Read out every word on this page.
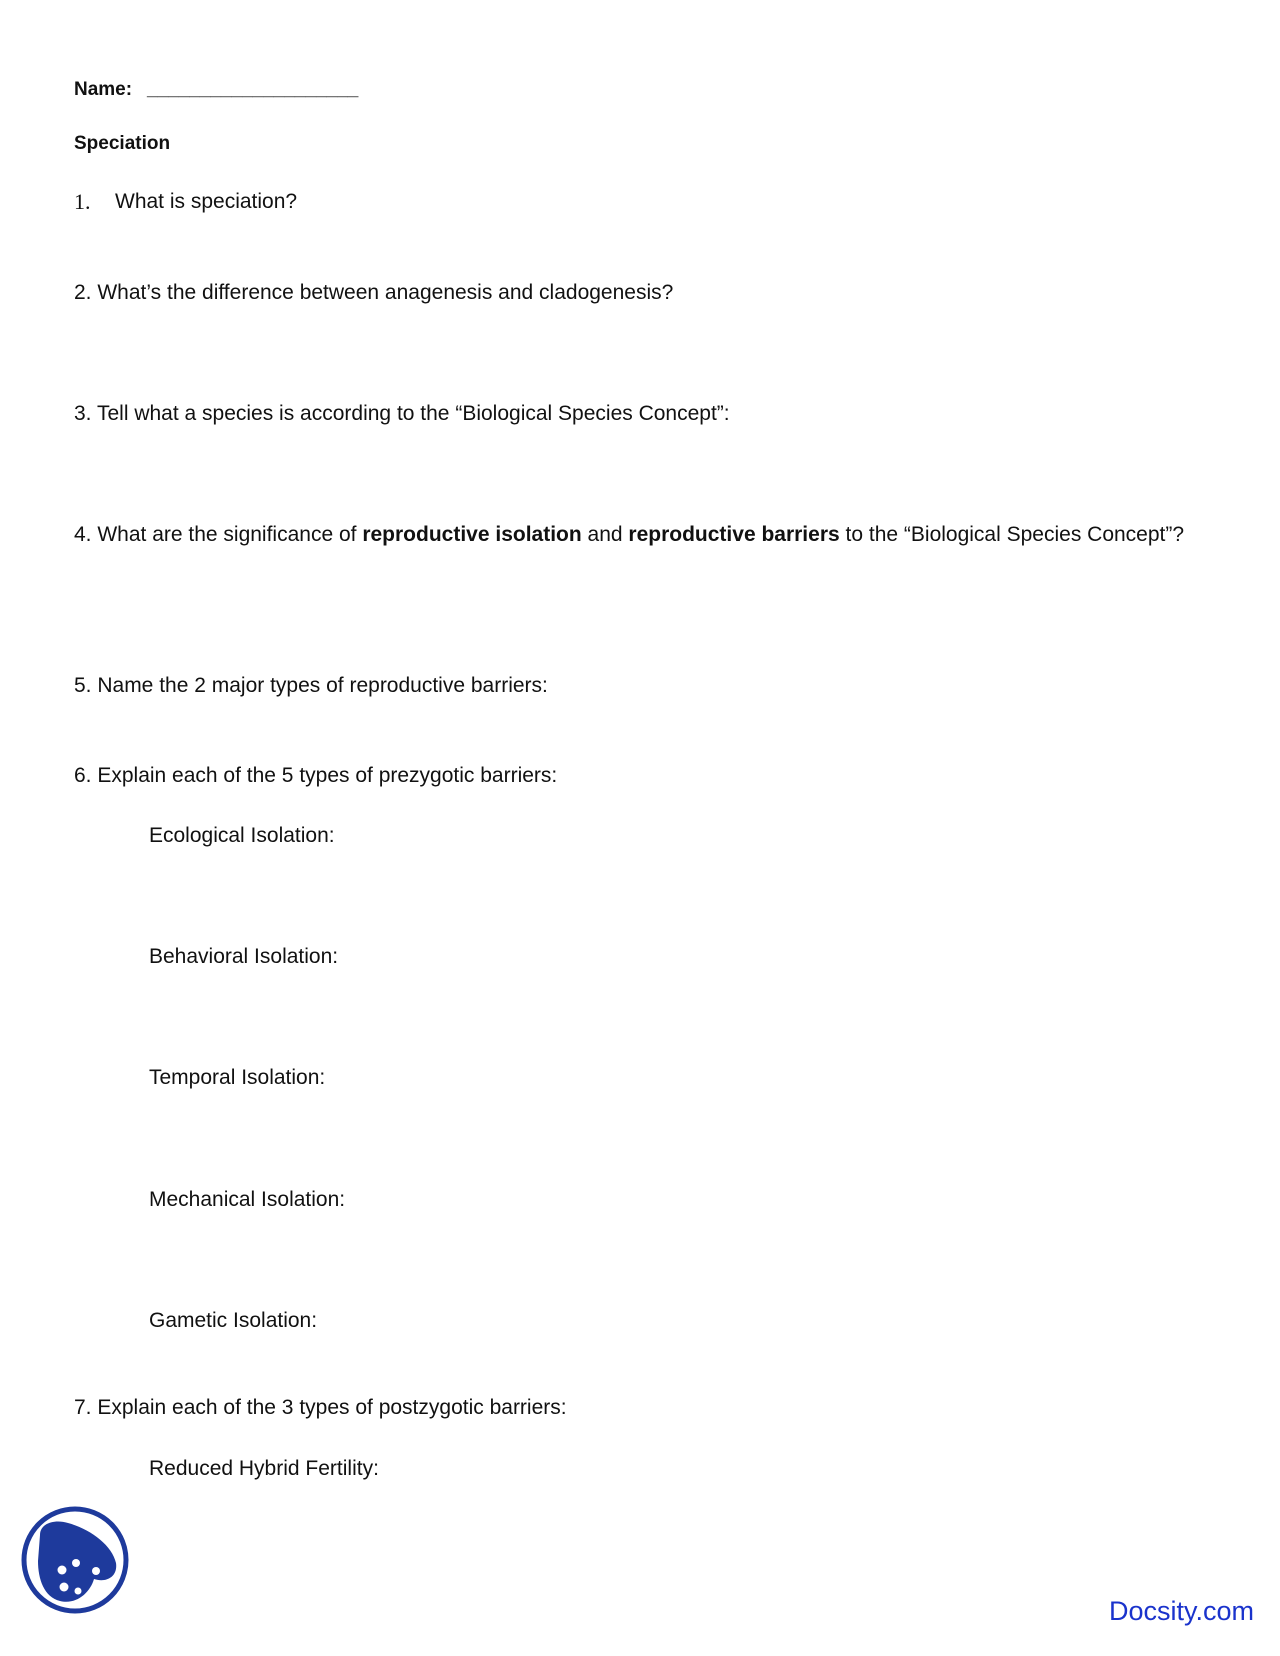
Name: ____________________
Speciation
1. What is speciation?
2. What’s the difference between anagenesis and cladogenesis?
3. Tell what a species is according to the “Biological Species Concept”:
4. What are the significance of reproductive isolation and reproductive barriers to the “Biological Species Concept”?
5. Name the 2 major types of reproductive barriers:
6. Explain each of the 5 types of prezygotic barriers:
Ecological Isolation:
Behavioral Isolation:
Temporal Isolation:
Mechanical Isolation:
Gametic Isolation:
7. Explain each of the 3 types of postzygotic barriers:
Reduced Hybrid Fertility:
Docsity.com
